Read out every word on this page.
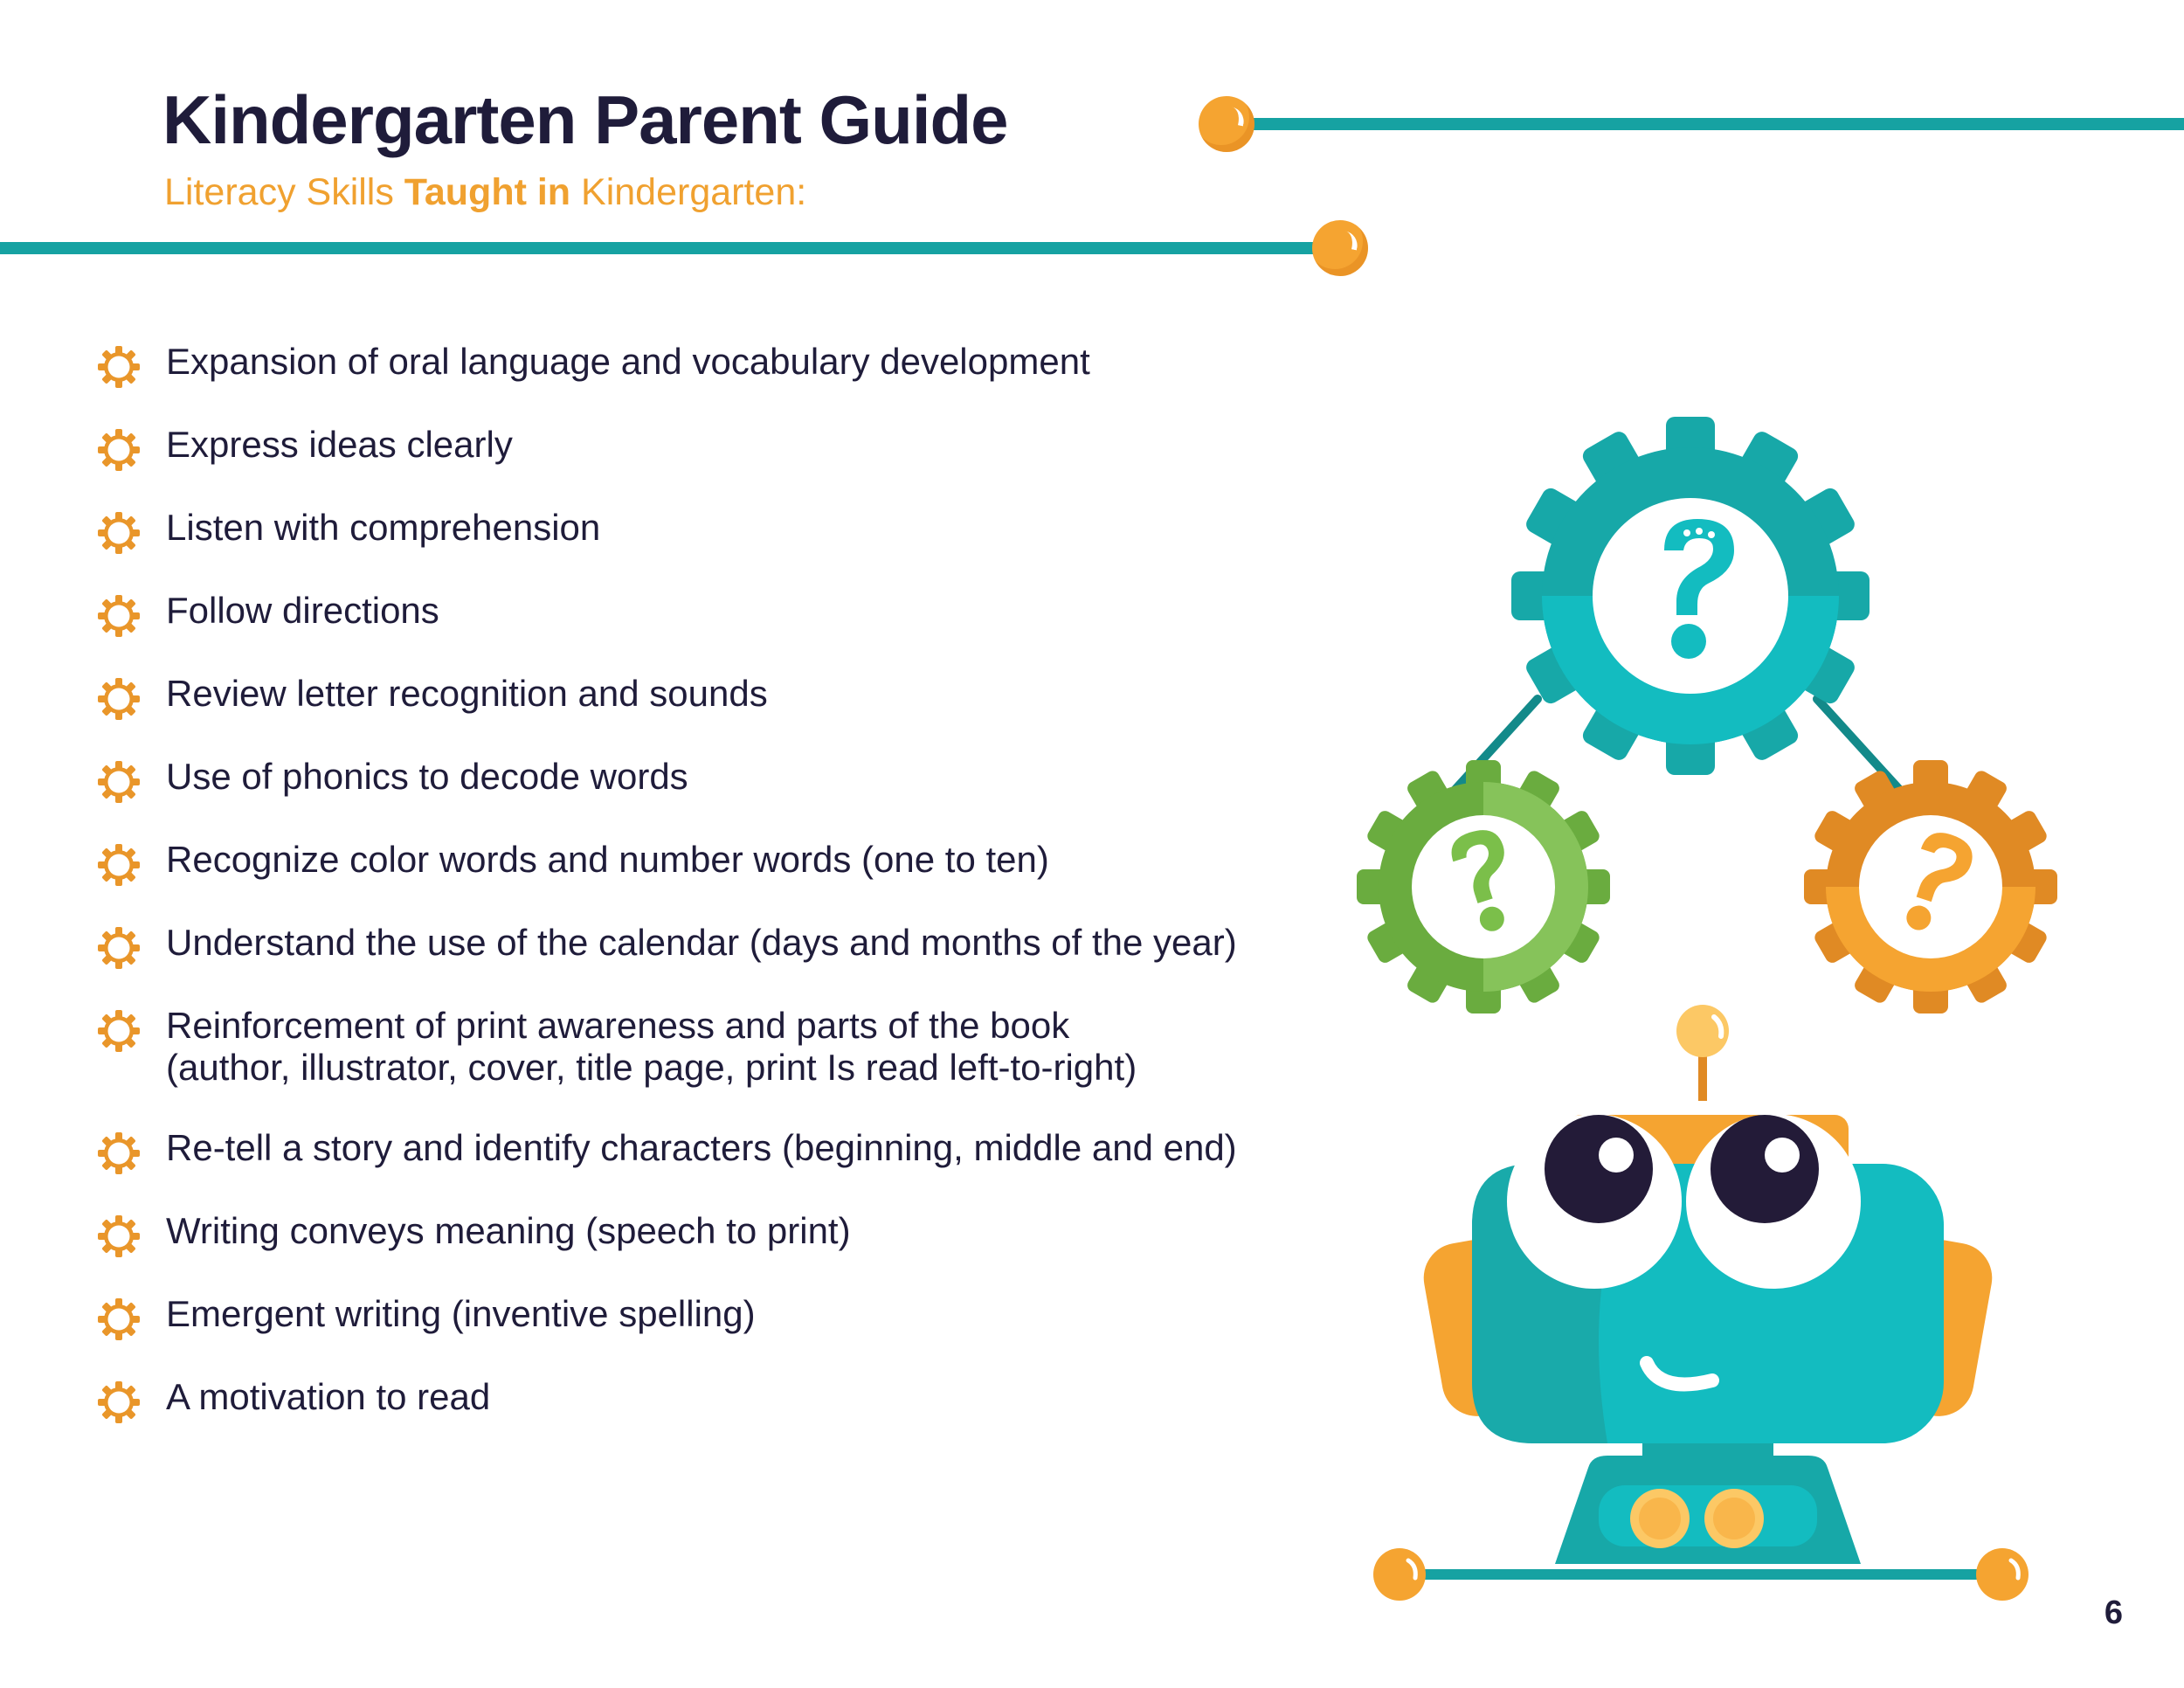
Kindergarten Parent Guide
Literacy Skills Taught in Kindergarten:
Expansion of oral language and vocabulary development
Express ideas clearly
Listen with comprehension
Follow directions
Review letter recognition and sounds
Use of phonics to decode words
Recognize color words and number words (one to ten)
Understand the use of the calendar (days and months of the year)
Reinforcement of print awareness and parts of the book
(author, illustrator, cover, title page, print Is read left-to-right)
Re-tell a story and identify characters (beginning, middle and end)
Writing conveys meaning (speech to print)
Emergent writing (inventive spelling)
A motivation to read
6
